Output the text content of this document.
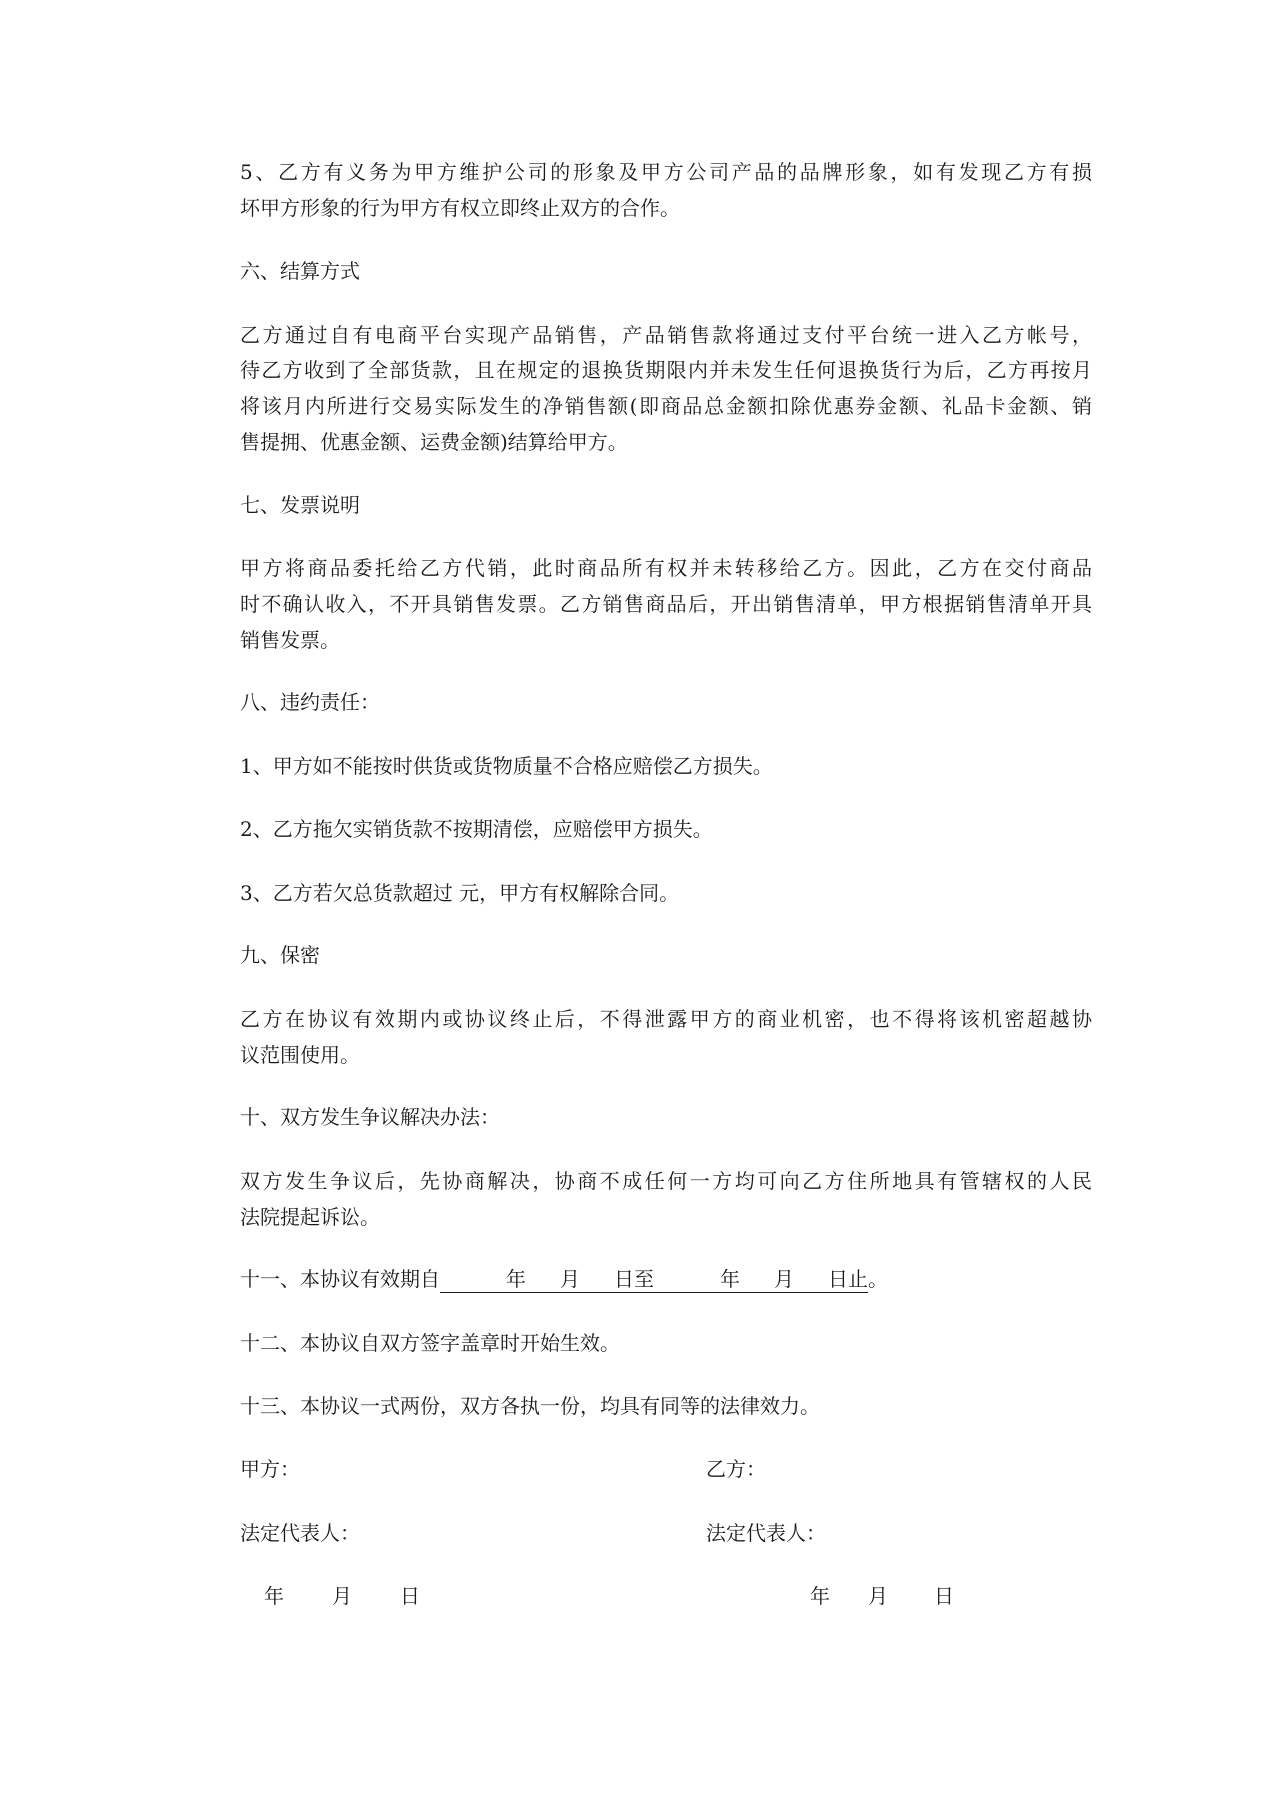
5、乙方有义务为甲方维护公司的形象及甲方公司产品的品牌形象，如有发现乙方有损
坏甲方形象的行为甲方有权立即终止双方的合作。
六、结算方式
乙方通过自有电商平台实现产品销售，产品销售款将通过支付平台统一进入乙方帐号，
待乙方收到了全部货款，且在规定的退换货期限内并未发生任何退换货行为后，乙方再按月
将该月内所进行交易实际发生的净销售额(即商品总金额扣除优惠券金额、礼品卡金额、销
售提拥、优惠金额、运费金额)结算给甲方。
七、发票说明
甲方将商品委托给乙方代销，此时商品所有权并未转移给乙方。因此，乙方在交付商品
时不确认收入，不开具销售发票。乙方销售商品后，开出销售清单，甲方根据销售清单开具
销售发票。
八、违约责任：
1、甲方如不能按时供货或货物质量不合格应赔偿乙方损失。
2、乙方拖欠实销货款不按期清偿，应赔偿甲方损失。
3、乙方若欠总货款超过 元，甲方有权解除合同。
九、保密
乙方在协议有效期内或协议终止后，不得泄露甲方的商业机密，也不得将该机密超越协
议范围使用。
十、双方发生争议解决办法：
双方发生争议后，先协商解决，协商不成任何一方均可向乙方住所地具有管辖权的人民
法院提起诉讼。
十一、本协议有效期自	年 月 日至	年 月 日止。
十二、本协议自双方签字盖章时开始生效。
十三、本协议一式两份，双方各执一份，均具有同等的法律效力。
甲方：	乙方：
法定代表人：	法定代表人：
年 月 日	年 月 日
